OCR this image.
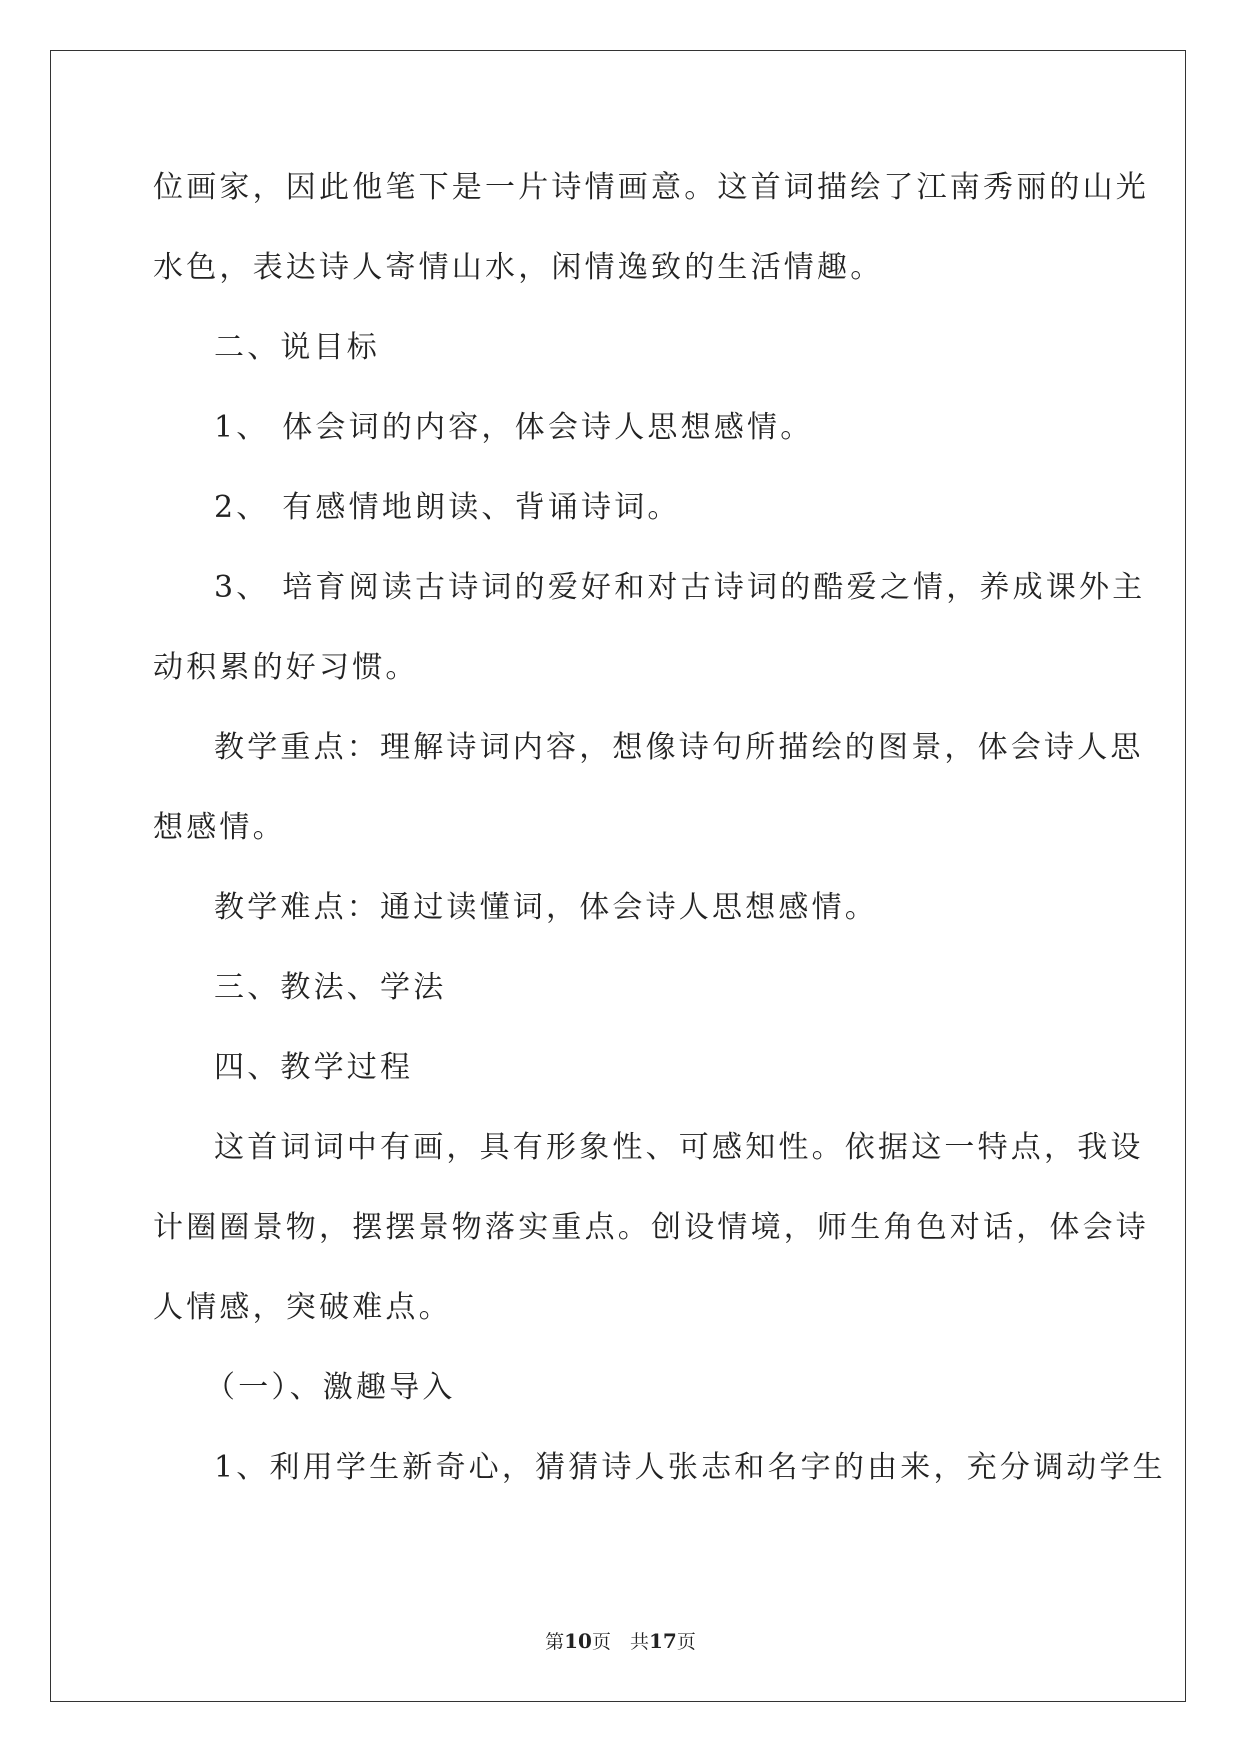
位画家，因此他笔下是一片诗情画意。这首词描绘了江南秀丽的山光
水色，表达诗人寄情山水，闲情逸致的生活情趣。
二、说目标
1、 体会词的内容，体会诗人思想感情。
2、 有感情地朗读、背诵诗词。
3、 培育阅读古诗词的爱好和对古诗词的酷爱之情，养成课外主
动积累的好习惯。
教学重点：理解诗词内容，想像诗句所描绘的图景，体会诗人思
想感情。
教学难点：通过读懂词，体会诗人思想感情。
三、教法、学法
四、教学过程
这首词词中有画，具有形象性、可感知性。依据这一特点，我设
计圈圈景物，摆摆景物落实重点。创设情境，师生角色对话，体会诗
人情感，突破难点。
（一）、激趣导入
1、利用学生新奇心，猜猜诗人张志和名字的由来，充分调动学生
第10页　共17页
